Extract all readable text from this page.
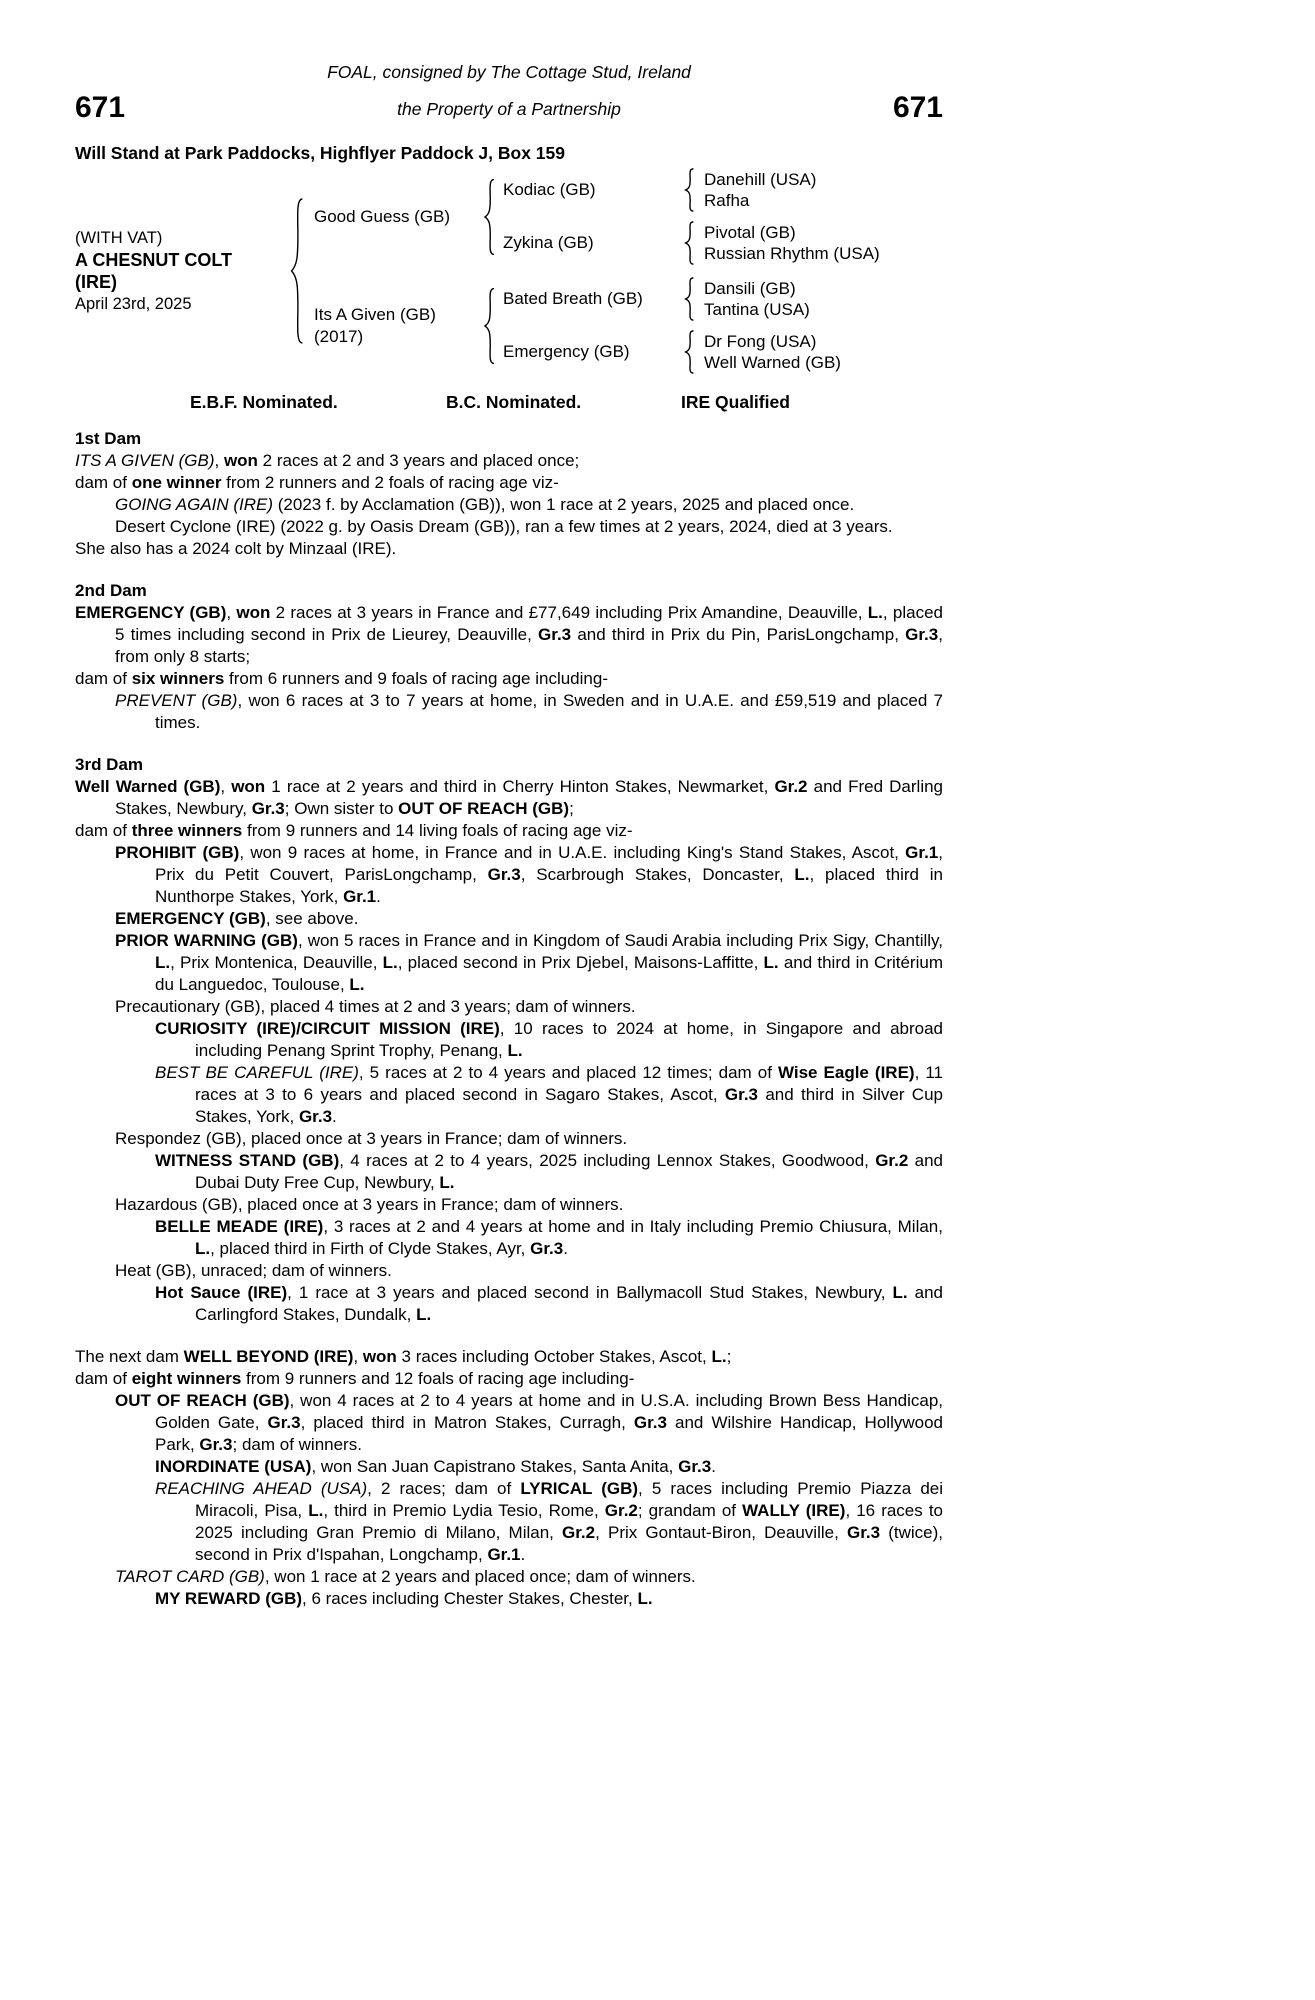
FOAL, consigned by The Cottage Stud, Ireland
671	the Property of a Partnership	671
Will Stand at Park Paddocks, Highflyer Paddock J, Box 159
(WITH VAT)
A CHESNUT COLT
(IRE)
April 23rd, 2025
Good Guess (GB)
Kodiac (GB)
Danehill (USA)
Rafha
Zykina (GB)
Pivotal (GB)
Russian Rhythm (USA)
Its A Given (GB)
(2017)
Bated Breath (GB)
Dansili (GB)
Tantina (USA)
Emergency (GB)
Dr Fong (USA)
Well Warned (GB)
E.B.F. Nominated.	B.C. Nominated.	IRE Qualified
1st Dam

ITS A GIVEN (GB), won 2 races at 2 and 3 years and placed once;

dam of one winner from 2 runners and 2 foals of racing age viz-

GOING AGAIN (IRE) (2023 f. by Acclamation (GB)), won 1 race at 2 years, 2025 and placed once.

Desert Cyclone (IRE) (2022 g. by Oasis Dream (GB)), ran a few times at 2 years, 2024, died at 3 years.

She also has a 2024 colt by Minzaal (IRE).

2nd Dam

EMERGENCY (GB), won 2 races at 3 years in France and £77,649 including Prix Amandine, Deauville, L., placed 5 times including second in Prix de Lieurey, Deauville, Gr.3 and third in Prix du Pin, ParisLongchamp, Gr.3, from only 8 starts;

dam of six winners from 6 runners and 9 foals of racing age including-

PREVENT (GB), won 6 races at 3 to 7 years at home, in Sweden and in U.A.E. and £59,519 and placed 7 times.

3rd Dam

Well Warned (GB), won 1 race at 2 years and third in Cherry Hinton Stakes, Newmarket, Gr.2 and Fred Darling Stakes, Newbury, Gr.3; Own sister to OUT OF REACH (GB);

dam of three winners from 9 runners and 14 living foals of racing age viz-

PROHIBIT (GB), won 9 races at home, in France and in U.A.E. including King's Stand Stakes, Ascot, Gr.1, Prix du Petit Couvert, ParisLongchamp, Gr.3, Scarbrough Stakes, Doncaster, L., placed third in Nunthorpe Stakes, York, Gr.1.

EMERGENCY (GB), see above.

PRIOR WARNING (GB), won 5 races in France and in Kingdom of Saudi Arabia including Prix Sigy, Chantilly, L., Prix Montenica, Deauville, L., placed second in Prix Djebel, Maisons-Laffitte, L. and third in Critérium du Languedoc, Toulouse, L.

Precautionary (GB), placed 4 times at 2 and 3 years; dam of winners.

CURIOSITY (IRE)/CIRCUIT MISSION (IRE), 10 races to 2024 at home, in Singapore and abroad including Penang Sprint Trophy, Penang, L.

BEST BE CAREFUL (IRE), 5 races at 2 to 4 years and placed 12 times; dam of Wise Eagle (IRE), 11 races at 3 to 6 years and placed second in Sagaro Stakes, Ascot, Gr.3 and third in Silver Cup Stakes, York, Gr.3.

Respondez (GB), placed once at 3 years in France; dam of winners.

WITNESS STAND (GB), 4 races at 2 to 4 years, 2025 including Lennox Stakes, Goodwood, Gr.2 and Dubai Duty Free Cup, Newbury, L.

Hazardous (GB), placed once at 3 years in France; dam of winners.

BELLE MEADE (IRE), 3 races at 2 and 4 years at home and in Italy including Premio Chiusura, Milan, L., placed third in Firth of Clyde Stakes, Ayr, Gr.3.

Heat (GB), unraced; dam of winners.

Hot Sauce (IRE), 1 race at 3 years and placed second in Ballymacoll Stud Stakes, Newbury, L. and Carlingford Stakes, Dundalk, L.

The next dam WELL BEYOND (IRE), won 3 races including October Stakes, Ascot, L.;

dam of eight winners from 9 runners and 12 foals of racing age including-

OUT OF REACH (GB), won 4 races at 2 to 4 years at home and in U.S.A. including Brown Bess Handicap, Golden Gate, Gr.3, placed third in Matron Stakes, Curragh, Gr.3 and Wilshire Handicap, Hollywood Park, Gr.3; dam of winners.

INORDINATE (USA), won San Juan Capistrano Stakes, Santa Anita, Gr.3.

REACHING AHEAD (USA), 2 races; dam of LYRICAL (GB), 5 races including Premio Piazza dei Miracoli, Pisa, L., third in Premio Lydia Tesio, Rome, Gr.2; grandam of WALLY (IRE), 16 races to 2025 including Gran Premio di Milano, Milan, Gr.2, Prix Gontaut-Biron, Deauville, Gr.3 (twice), second in Prix d'Ispahan, Longchamp, Gr.1.

TAROT CARD (GB), won 1 race at 2 years and placed once; dam of winners.

MY REWARD (GB), 6 races including Chester Stakes, Chester, L.
